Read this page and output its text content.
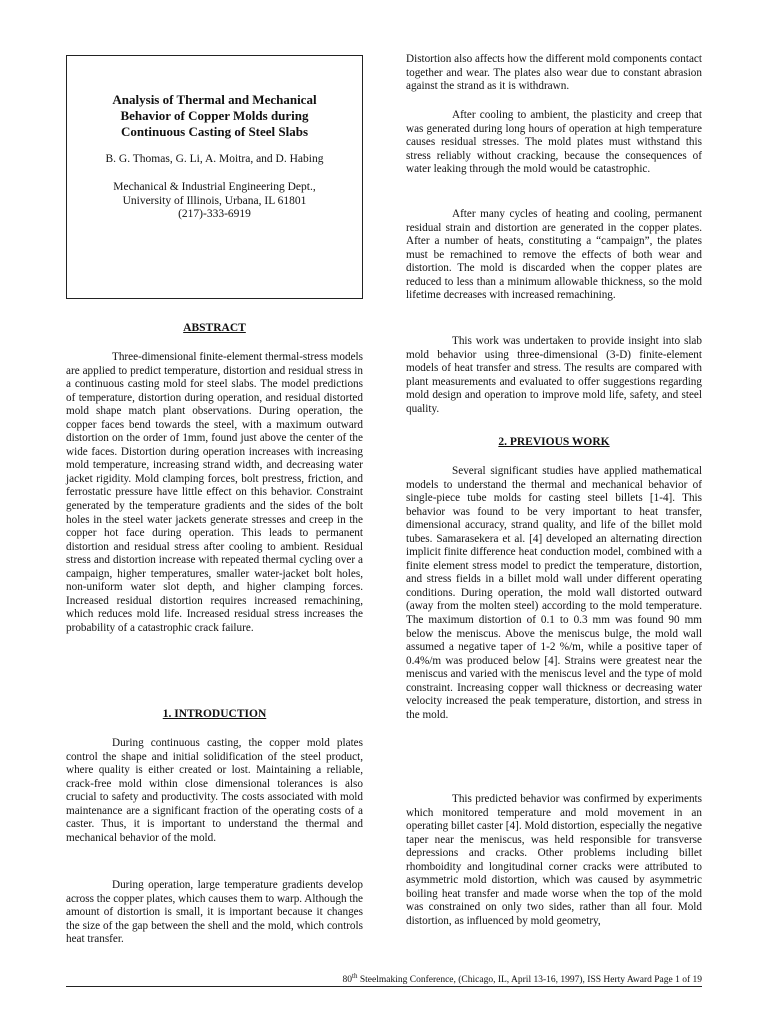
Analysis of Thermal and Mechanical Behavior of Copper Molds during Continuous Casting of Steel Slabs
B. G. Thomas, G. Li, A. Moitra, and D. Habing
Mechanical & Industrial Engineering Dept.,
University of Illinois, Urbana, IL 61801
(217)-333-6919
ABSTRACT

Three-dimensional finite-element thermal-stress models are applied to predict temperature, distortion and residual stress in a continuous casting mold for steel slabs. The model predictions of temperature, distortion during operation, and residual distorted mold shape match plant observations. During operation, the copper faces bend towards the steel, with a maximum outward distortion on the order of 1mm, found just above the center of the wide faces. Distortion during operation increases with increasing mold temperature, increasing strand width, and decreasing water jacket rigidity. Mold clamping forces, bolt prestress, friction, and ferrostatic pressure have little effect on this behavior. Constraint generated by the temperature gradients and the sides of the bolt holes in the steel water jackets generate stresses and creep in the copper hot face during operation. This leads to permanent distortion and residual stress after cooling to ambient. Residual stress and distortion increase with repeated thermal cycling over a campaign, higher temperatures, smaller water-jacket bolt holes, non-uniform water slot depth, and higher clamping forces. Increased residual distortion requires increased remachining, which reduces mold life. Increased residual stress increases the probability of a catastrophic crack failure.

1. INTRODUCTION

During continuous casting, the copper mold plates control the shape and initial solidification of the steel product, where quality is either created or lost. Maintaining a reliable, crack-free mold within close dimensional tolerances is also crucial to safety and productivity. The costs associated with mold maintenance are a significant fraction of the operating costs of a caster. Thus, it is important to understand the thermal and mechanical behavior of the mold.

During operation, large temperature gradients develop across the copper plates, which causes them to warp. Although the amount of distortion is small, it is important because it changes the size of the gap between the shell and the mold, which controls heat transfer.

Distortion also affects how the different mold components contact together and wear. The plates also wear due to constant abrasion against the strand as it is withdrawn.

After cooling to ambient, the plasticity and creep that was generated during long hours of operation at high temperature causes residual stresses. The mold plates must withstand this stress reliably without cracking, because the consequences of water leaking through the mold would be catastrophic.

After many cycles of heating and cooling, permanent residual strain and distortion are generated in the copper plates. After a number of heats, constituting a “campaign”, the plates must be remachined to remove the effects of both wear and distortion. The mold is discarded when the copper plates are reduced to less than a minimum allowable thickness, so the mold lifetime decreases with increased remachining.

This work was undertaken to provide insight into slab mold behavior using three-dimensional (3-D) finite-element models of heat transfer and stress. The results are compared with plant measurements and evaluated to offer suggestions regarding mold design and operation to improve mold life, safety, and steel quality.

2. PREVIOUS WORK

Several significant studies have applied mathematical models to understand the thermal and mechanical behavior of single-piece tube molds for casting steel billets [1-4]. This behavior was found to be very important to heat transfer, dimensional accuracy, strand quality, and life of the billet mold tubes. Samarasekera et al. [4] developed an alternating direction implicit finite difference heat conduction model, combined with a finite element stress model to predict the temperature, distortion, and stress fields in a billet mold wall under different operating conditions. During operation, the mold wall distorted outward (away from the molten steel) according to the mold temperature. The maximum distortion of 0.1 to 0.3 mm was found 90 mm below the meniscus. Above the meniscus bulge, the mold wall assumed a negative taper of 1-2 %/m, while a positive taper of 0.4%/m was produced below [4]. Strains were greatest near the meniscus and varied with the meniscus level and the type of mold constraint. Increasing copper wall thickness or decreasing water velocity increased the peak temperature, distortion, and stress in the mold.

This predicted behavior was confirmed by experiments which monitored temperature and mold movement in an operating billet caster [4]. Mold distortion, especially the negative taper near the meniscus, was held responsible for transverse depressions and cracks. Other problems including billet rhomboidity and longitudinal corner cracks were attributed to asymmetric mold distortion, which was caused by asymmetric boiling heat transfer and made worse when the top of the mold was constrained on only two sides, rather than all four. Mold distortion, as influenced by mold geometry,

80th Steelmaking Conference, (Chicago, IL, April 13-16, 1997), ISS Herty Award Page 1 of 19
